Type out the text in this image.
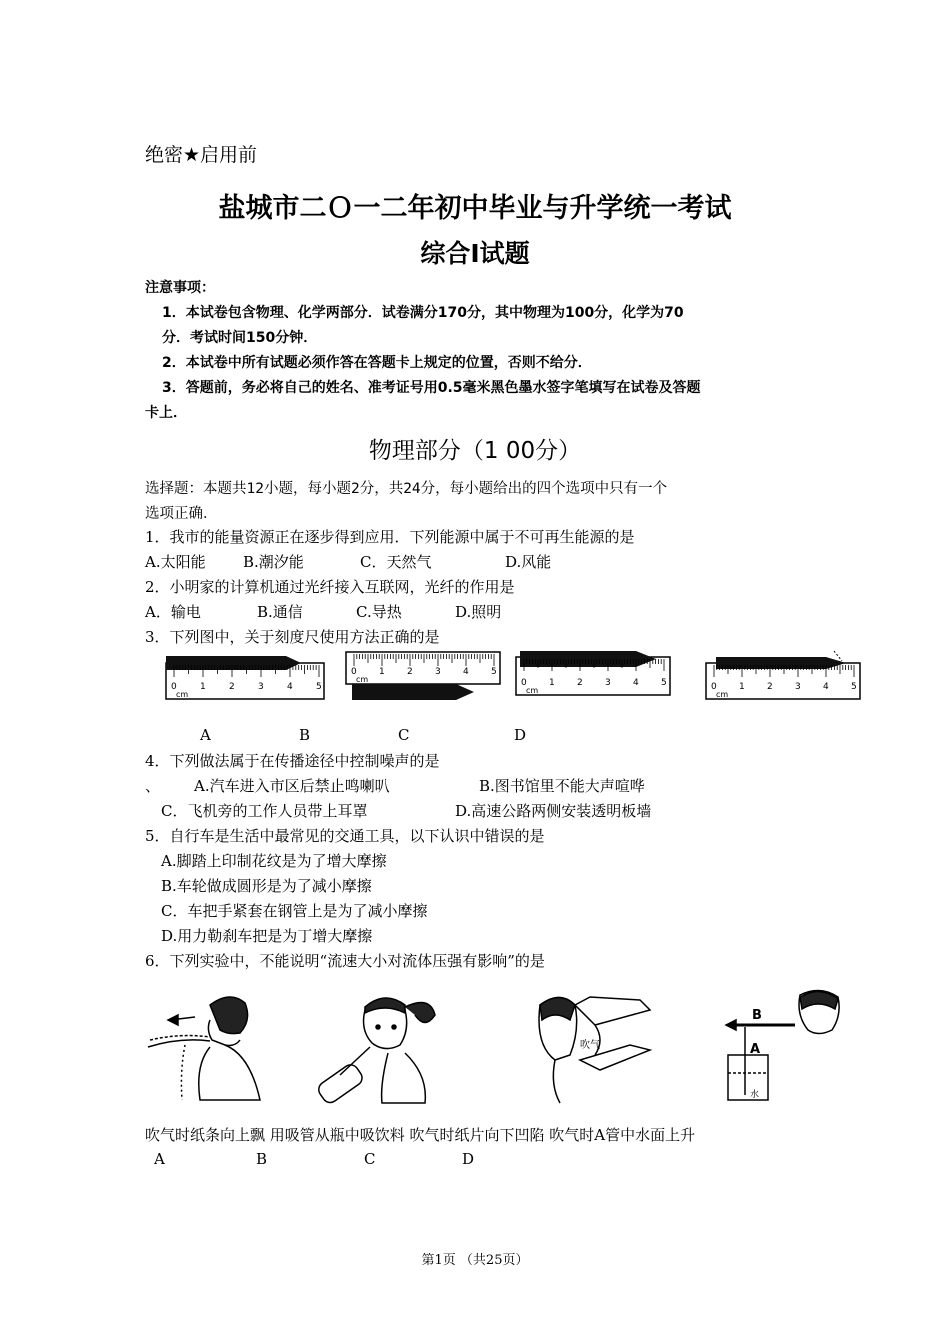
绝密★启用前
盐城市二Ｏ一二年初中毕业与升学统一考试
综合Ⅰ试题
注意事项：
1．本试卷包含物理、化学两部分．试卷满分170分，其中物理为100分，化学为70
分．考试时间150分钟．
2．本试卷中所有试题必须作答在答题卡上规定的位置，否则不给分．
3．答题前，务必将自己的姓名、准考证号用0.5毫米黑色墨水签字笔填写在试卷及答题
卡上．
物理部分（1 00分）
选择题：本题共12小题，每小题2分，共24分，每小题给出的四个选项中只有一个
选项正确．
1．我市的能量资源正在逐步得到应用．下列能源中属于不可再生能源的是
A.太阳能 B.潮汐能	C．天然气	D.风能
2．小明家的计算机通过光纤接入互联网，光纤的作用是
A．输电	B.通信	C.导热	D.照明
3．下列图中，关于刻度尺使用方法正确的是
0	1	2	3	4	5
cm
0 1 2 3 4 5
cm	0 1 2 3 4 5
cm	0 1 2 3 4 5
cm
A	B	C	D
4．下列做法属于在传播途径中控制噪声的是
、 A.汽车进入市区后禁止鸣喇叭	B.图书馆里不能大声喧哗
C．飞机旁的工作人员带上耳罩	D.高速公路两侧安装透明板墙
5．自行车是生活中最常见的交通工具，以下认识中错误的是
A.脚踏上印制花纹是为了增大摩擦
B.车轮做成圆形是为了减小摩擦
C．车把手紧套在钢管上是为了减小摩擦
D.用力勒刹车把是为丁增大摩擦
6．下列实验中，不能说明“流速大小对流体压强有影响”的是
吹气
B
A
水
吹气时纸条向上飘 用吸管从瓶中吸饮料 吹气时纸片向下凹陷 吹气时A管中水面上升
A	B	C	D
第1页 （共25页）
